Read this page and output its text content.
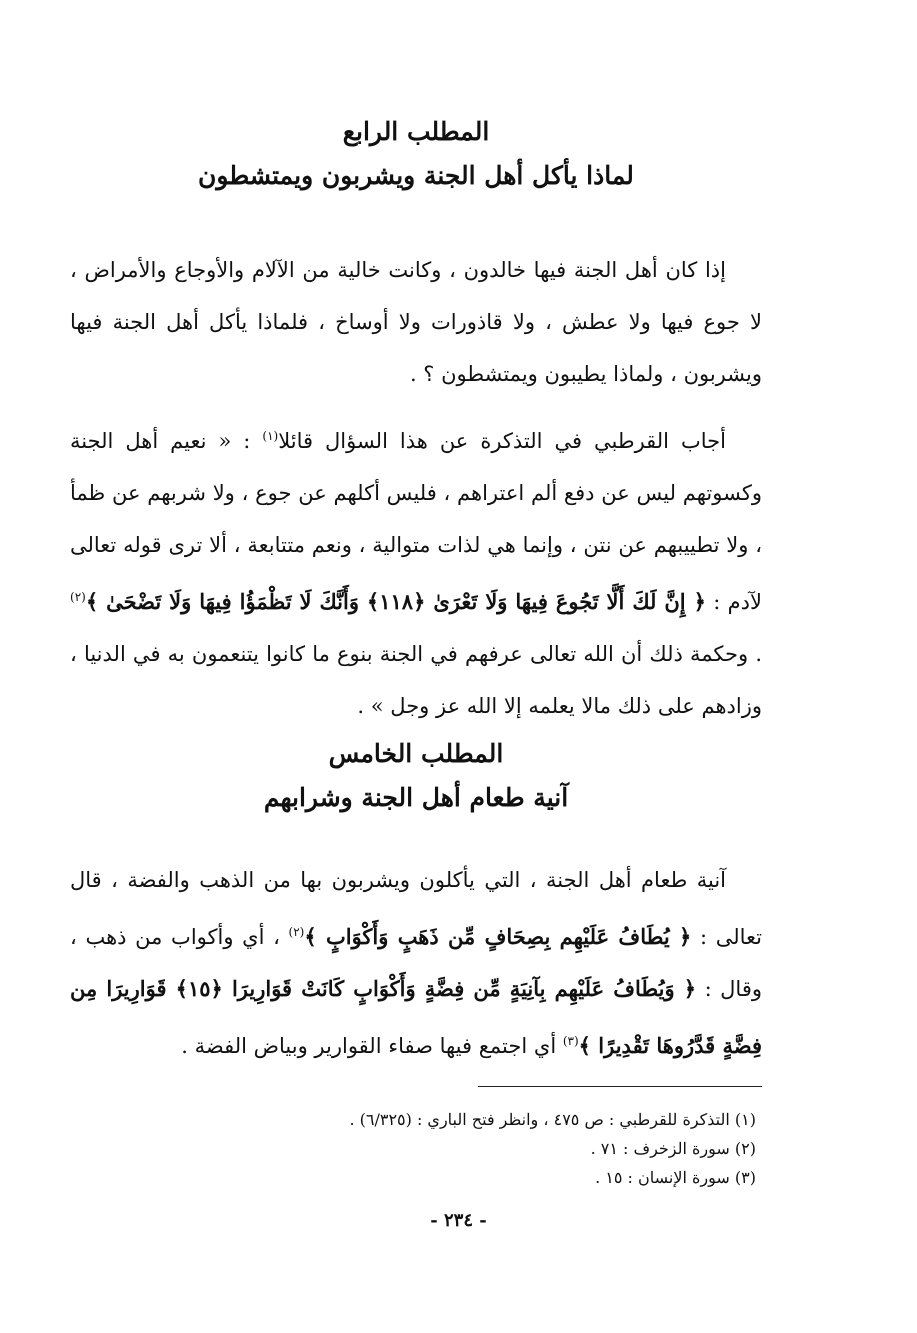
المطلب الرابع
لماذا يأكل أهل الجنة ويشربون ويمتشطون

إذا كان أهل الجنة فيها خالدون ، وكانت خالية من الآلام والأوجاع والأمراض ، لا جوع فيها ولا عطش ، ولا قاذورات ولا أوساخ ، فلماذا يأكل أهل الجنة فيها ويشربون ، ولماذا يطيبون ويمتشطون ؟ .

أجاب القرطبي في التذكرة عن هذا السؤال قائلا$^{(١)}$ : « نعيم أهل الجنة وكسوتهم ليس عن دفع ألم اعتراهم ، فليس أكلهم عن جوع ، ولا شربهم عن ظمأ ، ولا تطييبهم عن نتن ، وإنما هي لذات متوالية ، ونعم متتابعة ، ألا ترى قوله تعالى لآدم : ﴿ إِنَّ لَكَ أَلَّا تَجُوعَ فِيهَا وَلَا تَعْرَىٰ ﴿١١٨﴾ وَأَنَّكَ لَا تَظْمَؤُا فِيهَا وَلَا تَضْحَىٰ ﴾$^{(٢)}$ . وحكمة ذلك أن الله تعالى عرفهم في الجنة بنوع ما كانوا يتنعمون به في الدنيا ، وزادهم على ذلك مالا يعلمه إلا الله عز وجل » .

المطلب الخامس
آنية طعام أهل الجنة وشرابهم

آنية طعام أهل الجنة ، التي يأكلون ويشربون بها من الذهب والفضة ، قال تعالى : ﴿ يُطَافُ عَلَيْهِم بِصِحَافٍ مِّن ذَهَبٍ وَأَكْوَابٍ ﴾$^{(٢)}$ ، أي وأكواب من ذهب ، وقال : ﴿ وَيُطَافُ عَلَيْهِم بِآنِيَةٍ مِّن فِضَّةٍ وَأَكْوَابٍ كَانَتْ قَوَارِيرَا ﴿١٥﴾ قَوَارِيرَا مِن فِضَّةٍ قَدَّرُوهَا تَقْدِيرًا ﴾$^{(٣)}$ أي اجتمع فيها صفاء القوارير وبياض الفضة .

(١) التذكرة للقرطبي : ص ٤٧٥ ، وانظر فتح الباري : (٦/٣٢٥) .

(٢) سورة الزخرف : ٧١ .

(٣) سورة الإنسان : ١٥ .

- ٢٣٤ -
